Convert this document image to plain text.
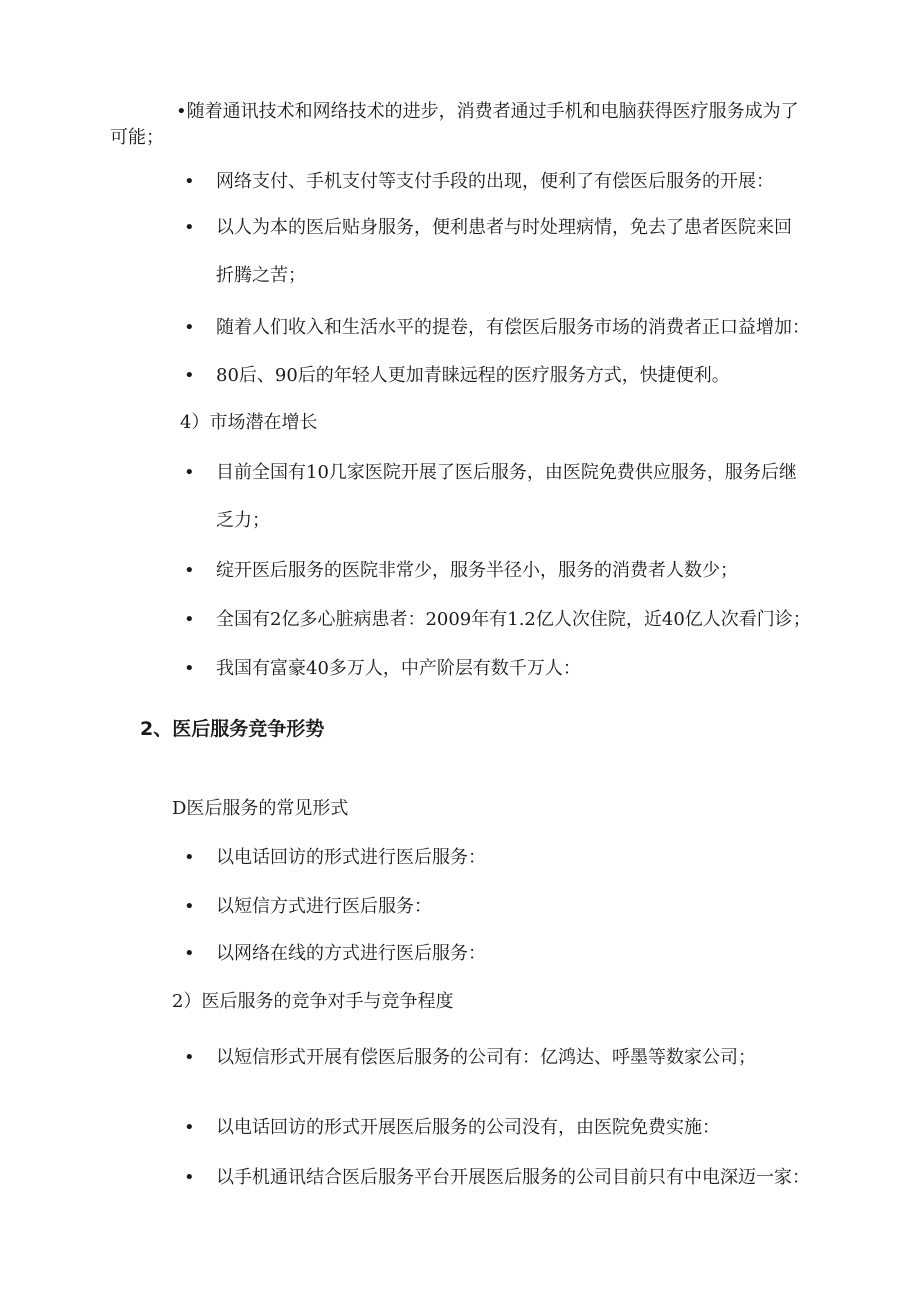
•随着通讯技术和网络技术的进步，消费者通过手机和电脑获得医疗服务成为了
可能；
• 网络支付、手机支付等支付手段的出现，便利了有偿医后服务的开展：
• 以人为本的医后贴身服务，便利患者与时处理病情，免去了患者医院来回
折腾之苦；
• 随着人们收入和生活水平的提卷，有偿医后服务市场的消费者正口益增加：
• 80后、90后的年轻人更加青睐远程的医疗服务方式，快捷便利。
4）市场潜在增长
• 目前全国有10几家医院开展了医后服务，由医院免费供应服务，服务后继
乏力；
• 绽开医后服务的医院非常少，服务半径小，服务的消费者人数少；
• 全国有2亿多心脏病患者：2009年有1.2亿人次住院，近40亿人次看门诊；
• 我国有富豪40多万人，中产阶层有数千万人：
2、医后服务竞争形势
D医后服务的常见形式
• 以电话回访的形式进行医后服务：
• 以短信方式进行医后服务：
• 以网络在线的方式进行医后服务：
2）医后服务的竞争对手与竞争程度
• 以短信形式开展有偿医后服务的公司有：亿鸿达、呼墨等数家公司；
• 以电话回访的形式开展医后服务的公司没有，由医院免费实施：
• 以手机通讯结合医后服务平台开展医后服务的公司目前只有中电深迈一家：
